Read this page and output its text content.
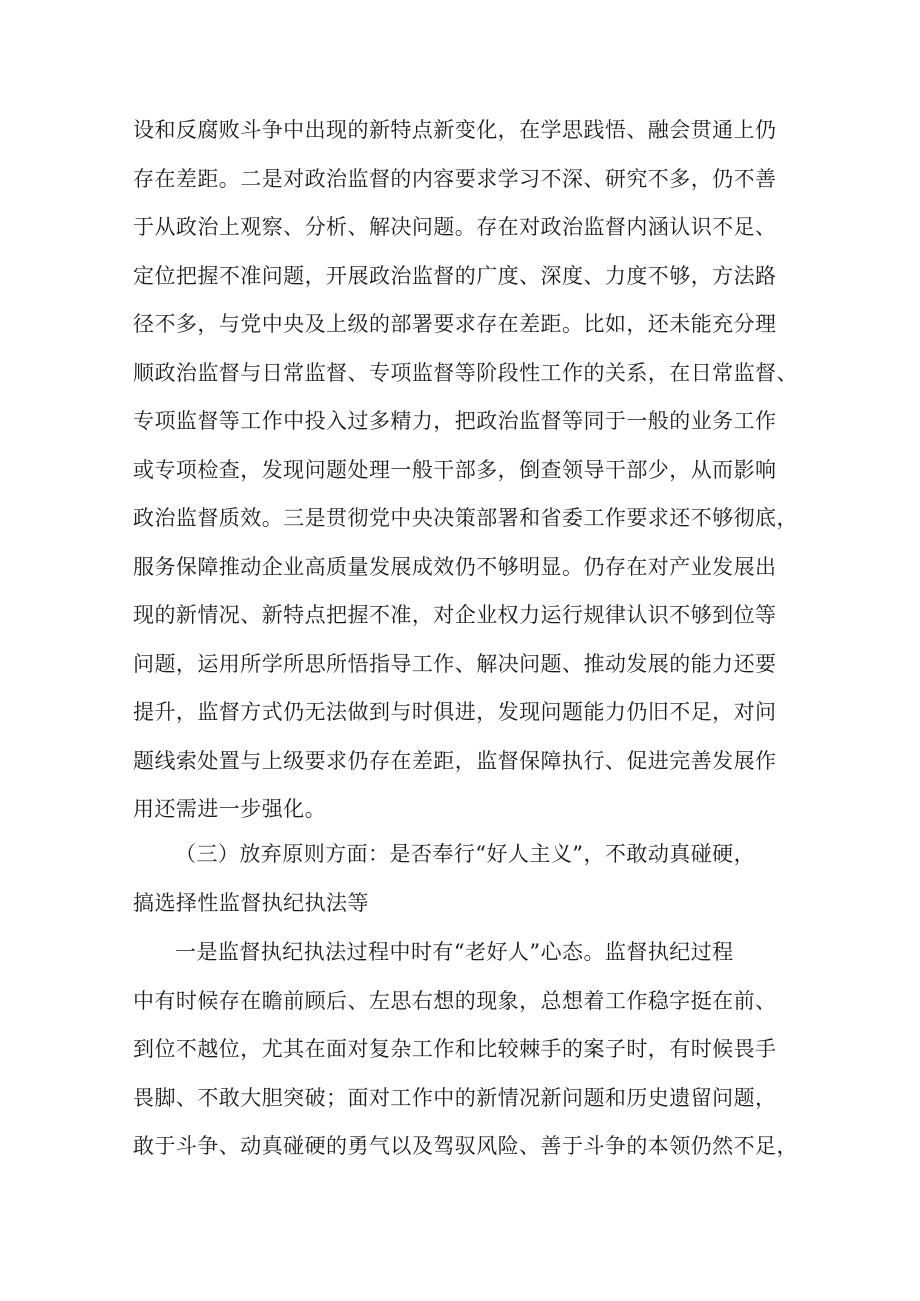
设和反腐败斗争中出现的新特点新变化，在学思践悟、融会贯通上仍
存在差距。二是对政治监督的内容要求学习不深、研究不多，仍不善
于从政治上观察、分析、解决问题。存在对政治监督内涵认识不足、
定位把握不准问题，开展政治监督的广度、深度、力度不够，方法路
径不多，与党中央及上级的部署要求存在差距。比如，还未能充分理
顺政治监督与日常监督、专项监督等阶段性工作的关系，在日常监督、
专项监督等工作中投入过多精力，把政治监督等同于一般的业务工作
或专项检查，发现问题处理一般干部多，倒查领导干部少，从而影响
政治监督质效。三是贯彻党中央决策部署和省委工作要求还不够彻底，
服务保障推动企业高质量发展成效仍不够明显。仍存在对产业发展出
现的新情况、新特点把握不准，对企业权力运行规律认识不够到位等
问题，运用所学所思所悟指导工作、解决问题、推动发展的能力还要
提升，监督方式仍无法做到与时俱进，发现问题能力仍旧不足，对问
题线索处置与上级要求仍存在差距，监督保障执行、促进完善发展作
用还需进一步强化。
（三）放弃原则方面：是否奉行“好人主义”，不敢动真碰硬，
搞选择性监督执纪执法等
一是监督执纪执法过程中时有“老好人”心态。监督执纪过程
中有时候存在瞻前顾后、左思右想的现象，总想着工作稳字挺在前、
到位不越位，尤其在面对复杂工作和比较棘手的案子时，有时候畏手
畏脚、不敢大胆突破；面对工作中的新情况新问题和历史遗留问题，
敢于斗争、动真碰硬的勇气以及驾驭风险、善于斗争的本领仍然不足，
